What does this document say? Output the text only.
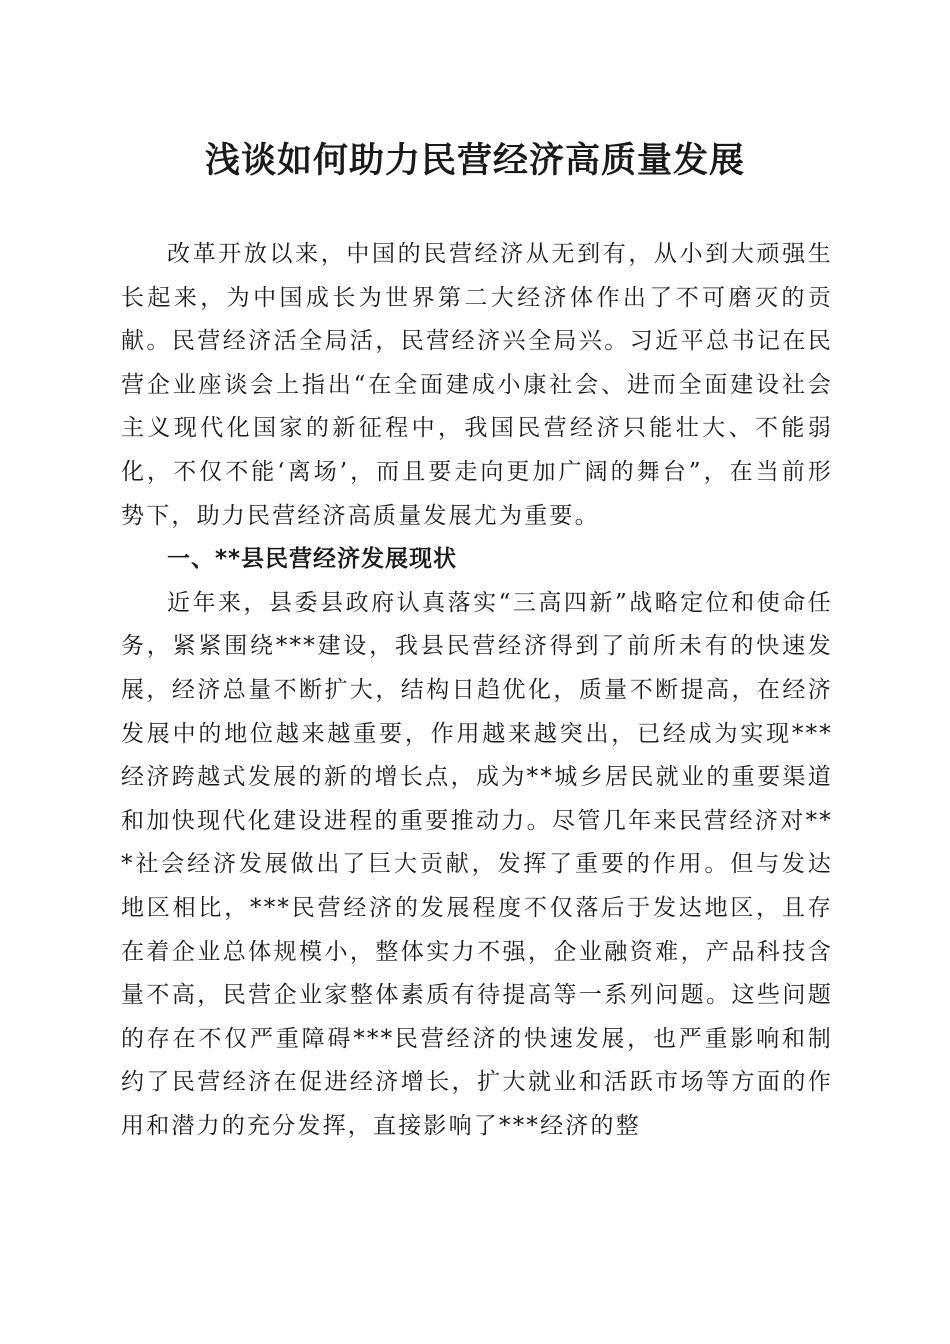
浅谈如何助力民营经济高质量发展

改革开放以来，中国的民营经济从无到有，从小到大顽强生长起来，为中国成长为世界第二大经济体作出了不可磨灭的贡献。民营经济活全局活，民营经济兴全局兴。习近平总书记在民营企业座谈会上指出“在全面建成小康社会、进而全面建设社会主义现代化国家的新征程中，我国民营经济只能壮大、不能弱化，不仅不能‘离场’，而且要走向更加广阔的舞台”，在当前形势下，助力民营经济高质量发展尤为重要。

一、**县民营经济发展现状

近年来，县委县政府认真落实“三高四新”战略定位和使命任务，紧紧围绕***建设，我县民营经济得到了前所未有的快速发展，经济总量不断扩大，结构日趋优化，质量不断提高，在经济发展中的地位越来越重要，作用越来越突出，已经成为实现***经济跨越式发展的新的增长点，成为**城乡居民就业的重要渠道和加快现代化建设进程的重要推动力。尽管几年来民营经济对***社会经济发展做出了巨大贡献，发挥了重要的作用。但与发达地区相比，***民营经济的发展程度不仅落后于发达地区，且存在着企业总体规模小，整体实力不强，企业融资难，产品科技含量不高，民营企业家整体素质有待提高等一系列问题。这些问题的存在不仅严重障碍***民营经济的快速发展，也严重影响和制约了民营经济在促进经济增长，扩大就业和活跃市场等方面的作用和潜力的充分发挥，直接影响了***经济的整
